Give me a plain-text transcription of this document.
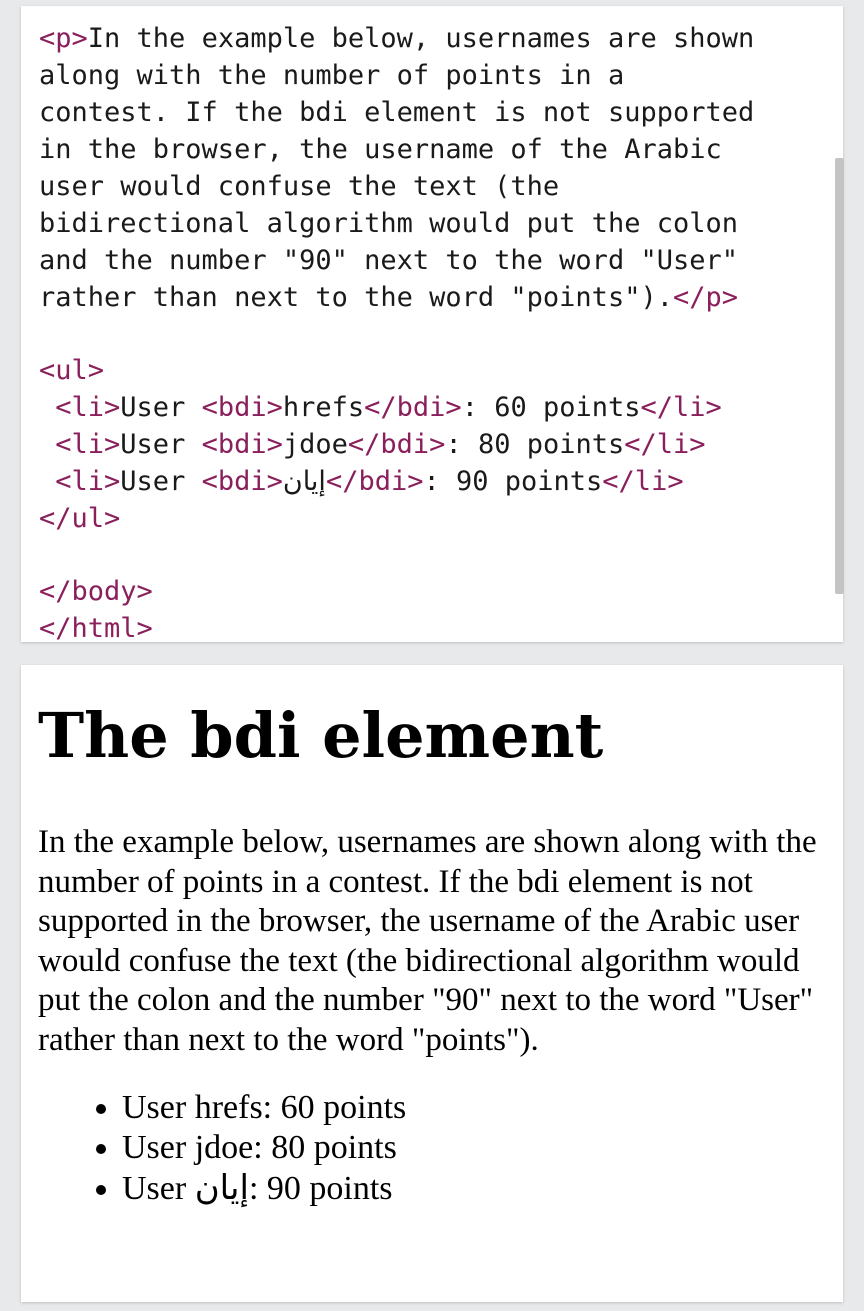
<p>In the example below, usernames are shown
along with the number of points in a
contest. If the bdi element is not supported
in the browser, the username of the Arabic
user would confuse the text (the
bidirectional algorithm would put the colon
and the number "90" next to the word "User"
rather than next to the word "points").</p>
<ul>
<li>User <bdi>hrefs</bdi>: 60 points</li>
<li>User <bdi>jdoe</bdi>: 80 points</li>
<li>User <bdi>إيان</bdi>: 90 points</li>
</ul>
</body>
</html>
The bdi element

In the example below, usernames are shown along with the number of points in a contest. If the bdi element is not supported in the browser, the username of the Arabic user would confuse the text (the bidirectional algorithm would put the colon and the number "90" next to the word "User" rather than next to the word "points").

• User hrefs: 60 points
• User jdoe: 80 points
• User إيان: 90 points
